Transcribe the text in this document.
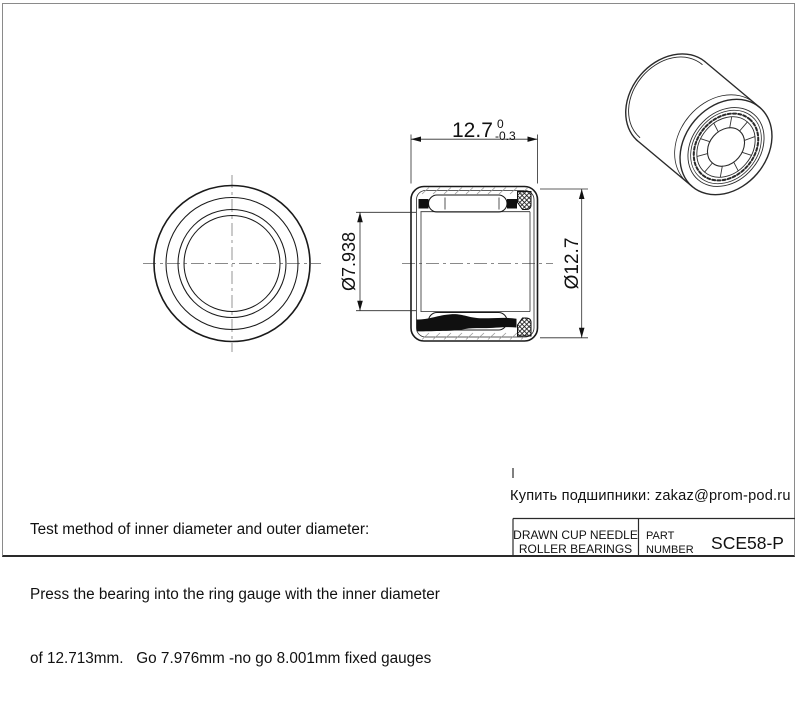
12.7 0
-0.3
Ø12.7
Ø7.938

Test method of inner diameter and outer diameter:

Press the bearing into the ring gauge with the inner diameter

of 12.713mm.   Go 7.976mm -no go 8.001mm fixed gauges

Купить подшипники: zakaz@prom-pod.ru
DRAWN CUP NEEDLE
ROLLER BEARINGS
PART
NUMBER SCE58-P
